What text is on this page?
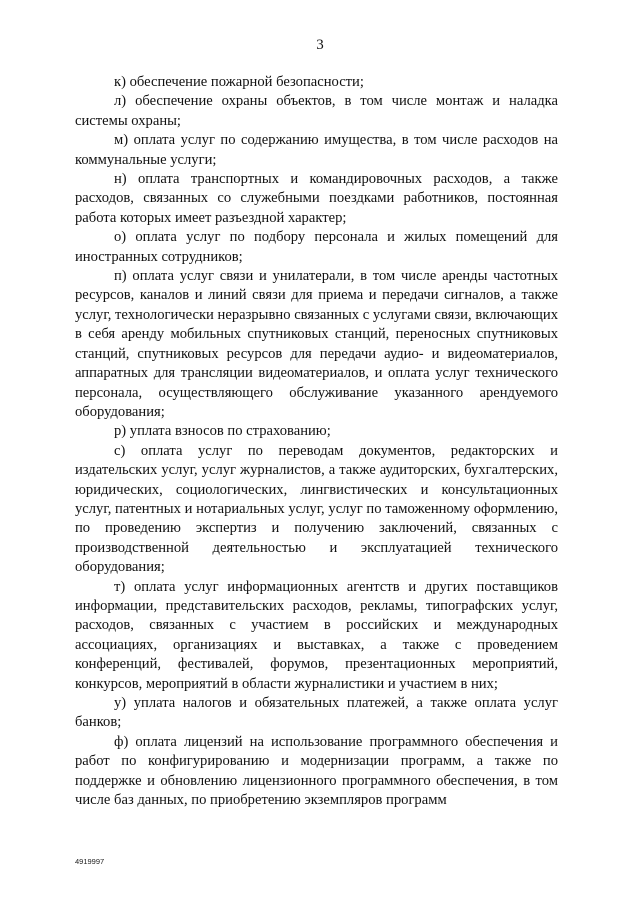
3

к) обеспечение пожарной безопасности;

л) обеспечение охраны объектов, в том числе монтаж и наладка системы охраны;

м) оплата услуг по содержанию имущества, в том числе расходов на коммунальные услуги;

н) оплата транспортных и командировочных расходов, а также расходов, связанных со служебными поездками работников, постоянная работа которых имеет разъездной характер;

о) оплата услуг по подбору персонала и жилых помещений для иностранных сотрудников;

п) оплата услуг связи и унилатерали, в том числе аренды частотных ресурсов, каналов и линий связи для приема и передачи сигналов, а также услуг, технологически неразрывно связанных с услугами связи, включающих в себя аренду мобильных спутниковых станций, переносных спутниковых станций, спутниковых ресурсов для передачи аудио- и видеоматериалов, аппаратных для трансляции видеоматериалов, и оплата услуг технического персонала, осуществляющего обслуживание указанного арендуемого оборудования;

р) уплата взносов по страхованию;

с) оплата услуг по переводам документов, редакторских и издательских услуг, услуг журналистов, а также аудиторских, бухгалтерских, юридических, социологических, лингвистических и консультационных услуг, патентных и нотариальных услуг, услуг по таможенному оформлению, по проведению экспертиз и получению заключений, связанных с производственной деятельностью и эксплуатацией технического оборудования;

т) оплата услуг информационных агентств и других поставщиков информации, представительских расходов, рекламы, типографских услуг, расходов, связанных с участием в российских и международных ассоциациях, организациях и выставках, а также с проведением конференций, фестивалей, форумов, презентационных мероприятий, конкурсов, мероприятий в области журналистики и участием в них;

у) уплата налогов и обязательных платежей, а также оплата услуг банков;

ф) оплата лицензий на использование программного обеспечения и работ по конфигурированию и модернизации программ, а также по поддержке и обновлению лицензионного программного обеспечения, в том числе баз данных, по приобретению экземпляров программ

4919997
